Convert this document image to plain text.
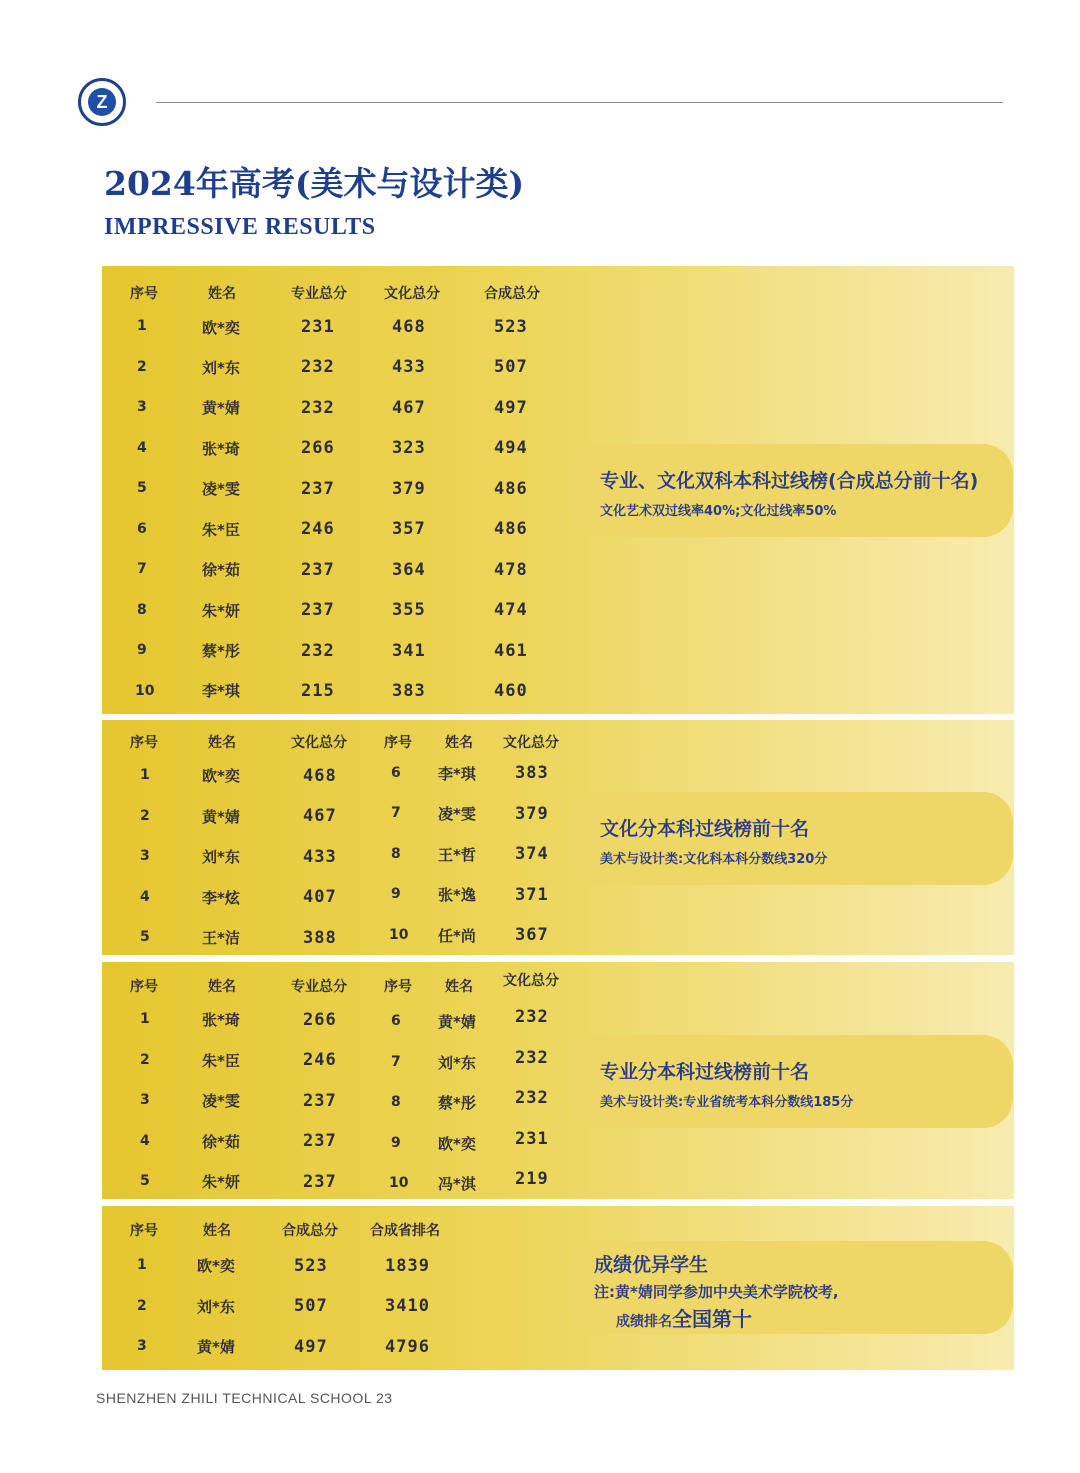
Z
2024年高考(美术与设计类)
IMPRESSIVE RESULTS
序号	姓名	专业总分	文化总分	合成总分
1	欧*奕	231	468	523
2	刘*东	232	433	507
3	黄*婧	232	467	497
4	张*琦	266	323	494
5	凌*雯	237	379	486
6	朱*臣	246	357	486
7	徐*茹	237	364	478
8	朱*妍	237	355	474
9	蔡*彤	232	341	461
10	李*琪	215	383	460
专业、文化双科本科过线榜(合成总分前十名)
文化艺术双过线率40%;文化过线率50%
序号	姓名	文化总分	序号 姓名 文化总分
1	欧*奕	468	6 李*琪 383
2	黄*婧	467	7 凌*雯 379
3	刘*东	433	8 王*哲 374
4	李*炫	407	9 张*逸 371
5	王*洁	388	10 任*尚 367
文化分本科过线榜前十名
美术与设计类:文化科本科分数线320分
序号	姓名	专业总分	序号 姓名 文化总分
1	张*琦	266	6 黄*婧 232
2	朱*臣	246	7 刘*东 232
3	凌*雯	237	8 蔡*彤 232
4	徐*茹	237	9 欧*奕 231
5	朱*妍	237	10 冯*淇 219
专业分本科过线榜前十名
美术与设计类:专业省统考本科分数线185分
序号	姓名	合成总分 合成省排名
1	欧*奕	523	1839
2	刘*东	507	3410
3	黄*婧	497	4796
成绩优异学生
注:黄*婧同学参加中央美术学院校考,
成绩排名全国第十
SHENZHEN ZHILI TECHNICAL SCHOOL 23
